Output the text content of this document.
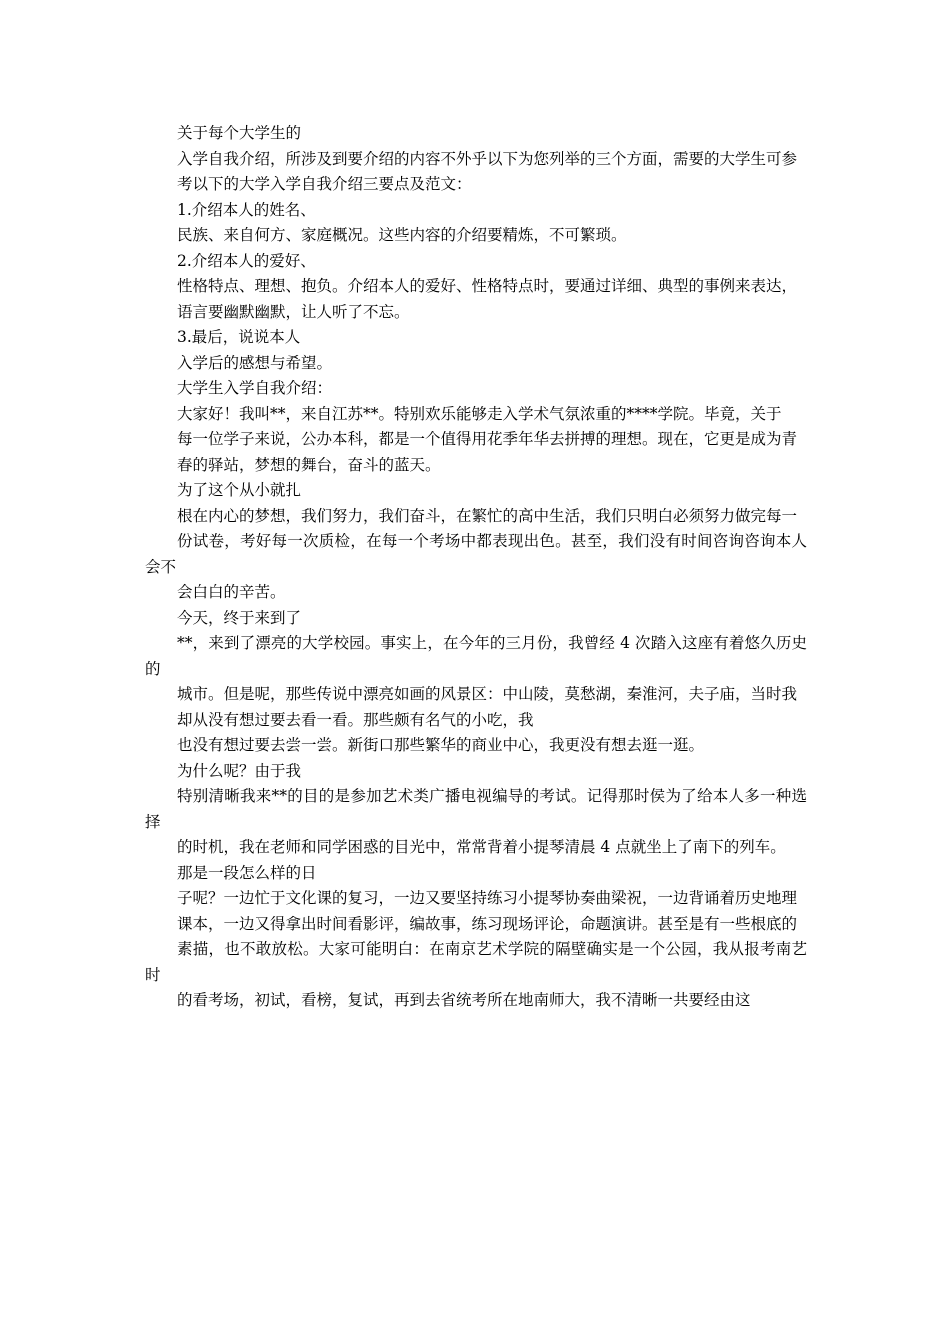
关于每个大学生的

入学自我介绍，所涉及到要介绍的内容不外乎以下为您列举的三个方面，需要的大学生可参

考以下的大学入学自我介绍三要点及范文：

1.介绍本人的姓名、

民族、来自何方、家庭概况。这些内容的介绍要精炼，不可繁琐。

2.介绍本人的爱好、

性格特点、理想、抱负。介绍本人的爱好、性格特点时，要通过详细、典型的事例来表达，

语言要幽默幽默，让人听了不忘。

3.最后，说说本人

入学后的感想与希望。

大学生入学自我介绍：

大家好！我叫**，来自江苏**。特别欢乐能够走入学术气氛浓重的****学院。毕竟，关于

每一位学子来说，公办本科，都是一个值得用花季年华去拼搏的理想。现在，它更是成为青

春的驿站，梦想的舞台，奋斗的蓝天。

为了这个从小就扎

根在内心的梦想，我们努力，我们奋斗，在繁忙的高中生活，我们只明白必须努力做完每一

份试卷，考好每一次质检，在每一个考场中都表现出色。甚至，我们没有时间咨询咨询本人会不

会白白的辛苦。

今天，终于来到了

**，来到了漂亮的大学校园。事实上，在今年的三月份，我曾经 4 次踏入这座有着悠久历史的

城市。但是呢，那些传说中漂亮如画的风景区：中山陵，莫愁湖，秦淮河，夫子庙，当时我

却从没有想过要去看一看。那些颇有名气的小吃，我

也没有想过要去尝一尝。新街口那些繁华的商业中心，我更没有想去逛一逛。

为什么呢？由于我

特别清晰我来**的目的是参加艺术类广播电视编导的考试。记得那时侯为了给本人多一种选择

的时机，我在老师和同学困惑的目光中，常常背着小提琴清晨 4 点就坐上了南下的列车。

那是一段怎么样的日

子呢？一边忙于文化课的复习，一边又要坚持练习小提琴协奏曲梁祝，一边背诵着历史地理

课本，一边又得拿出时间看影评，编故事，练习现场评论，命题演讲。甚至是有一些根底的

素描，也不敢放松。大家可能明白：在南京艺术学院的隔壁确实是一个公园，我从报考南艺时

的看考场，初试，看榜，复试，再到去省统考所在地南师大，我不清晰一共要经由这
